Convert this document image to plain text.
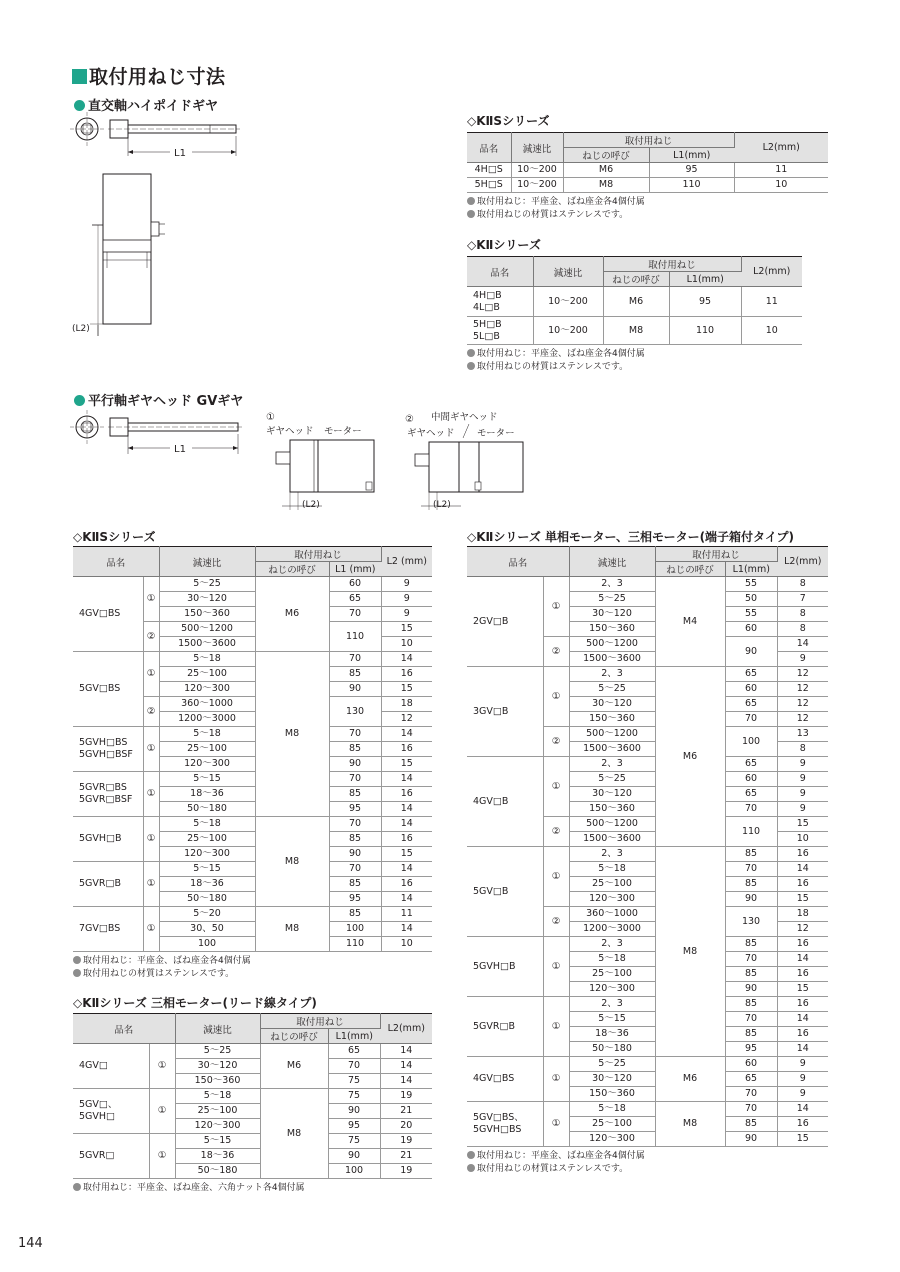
取付用ねじ寸法
直交軸ハイポイドギヤ
L1
(L2)
平行軸ギヤヘッド GVギヤ
L1
①
ギヤヘッド モーター
(L2)
② 中間ギヤヘッド
ギヤヘッド モーター
(L2)
◇KⅡSシリーズ
品名	減速比	取付用ねじ		L2(mm)
		ねじの呼び	L1(mm)	
4H□S	10～200	M6	95	11
5H□S	10～200	M8	110	10
取付用ねじ：平座金、ばね座金各4個付属
取付用ねじの材質はステンレスです。
◇KⅡシリーズ
品名	減速比	取付用ねじ		L2(mm)
		ねじの呼び	L1(mm)	
4H□B
4L□B	10～200	M6	95	11
5H□B
5L□B	10～200	M8	110	10
取付用ねじ：平座金、ばね座金各4個付属
取付用ねじの材質はステンレスです。
◇KⅡSシリーズ
品名		減速比	取付用ねじ		L2 (mm)
			ねじの呼び	L1 (mm)	
4GV□BS	①	5～25	M6	60	9
		30～120		65	9
		150～360		70	9
	②	500～1200		110	15
		1500～3600			10
5GV□BS	①	5～18	M8	70	14
		25～100		85	16
		120～300		90	15
	②	360～1000		130	18
		1200～3000			12
5GVH□BS
5GVH□BSF	①	5～18		70	14
		25～100		85	16
		120～300		90	15
5GVR□BS
5GVR□BSF	①	5～15		70	14
		18～36		85	16
		50～180		95	14
5GVH□B	①	5～18	M8	70	14
		25～100		85	16
		120～300		90	15
5GVR□B	①	5～15		70	14
		18～36		85	16
		50～180		95	14
7GV□BS	①	5～20	M8	85	11
		30、50		100	14
		100		110	10
取付用ねじ：平座金、ばね座金各4個付属
取付用ねじの材質はステンレスです。
◇KⅡシリーズ 三相モーター(リード線タイプ)
品名		減速比	取付用ねじ		L2(mm)
			ねじの呼び	L1(mm)	
4GV□	①	5～25	M6	65	14
		30～120		70	14
		150～360		75	14
5GV□、
5GVH□	①	5～18	M8	75	19
		25～100		90	21
		120～300		95	20
5GVR□	①	5～15		75	19
		18～36		90	21
		50～180		100	19
取付用ねじ：平座金、ばね座金、六角ナット各4個付属
◇KⅡシリーズ 単相モーター、三相モーター(端子箱付タイプ)
品名		減速比	取付用ねじ		L2(mm)
			ねじの呼び	L1(mm)	
2GV□B	①	2、3	M4	55	8
		5～25		50	7
		30～120		55	8
		150～360		60	8
	②	500～1200		90	14
		1500～3600			9
3GV□B	①	2、3	M6	65	12
		5～25		60	12
		30～120		65	12
		150～360		70	12
	②	500～1200		100	13
		1500～3600			8
4GV□B	①	2、3		65	9
		5～25		60	9
		30～120		65	9
		150～360		70	9
	②	500～1200		110	15
		1500～3600			10
5GV□B	①	2、3	M8	85	16
		5～18		70	14
		25～100		85	16
		120～300		90	15
	②	360～1000		130	18
		1200～3000			12
5GVH□B	①	2、3		85	16
		5～18		70	14
		25～100		85	16
		120～300		90	15
5GVR□B	①	2、3		85	16
		5～15		70	14
		18～36		85	16
		50～180		95	14
4GV□BS	①	5～25	M6	60	9
		30～120		65	9
		150～360		70	9
5GV□BS、
5GVH□BS	①	5～18	M8	70	14
		25～100		85	16
		120～300		90	15
取付用ねじ：平座金、ばね座金各4個付属
取付用ねじの材質はステンレスです。
144
